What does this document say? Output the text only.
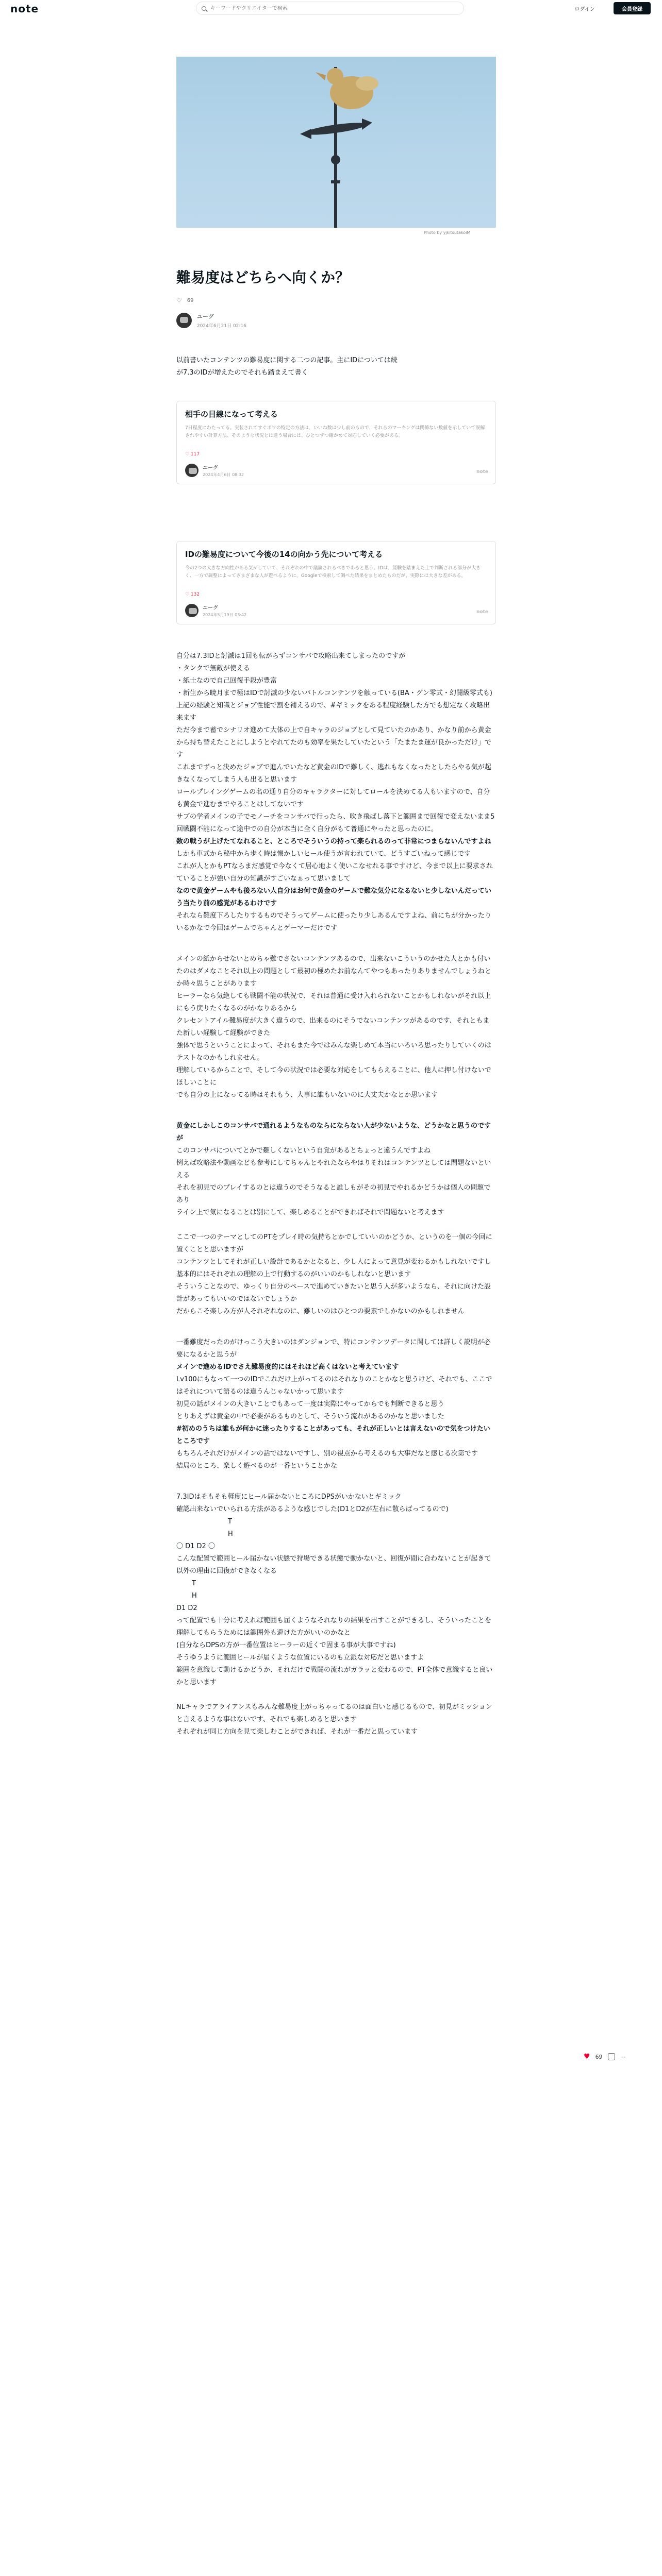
note
キーワードやクリエイターで検索	ログイン	会員登録
Photo by yjkitsutakoiM
難易度はどちらへ向くか？
♡ 69
ユーグ
2024年6月21日 02:16

以前書いたコンテンツの難易度に関する二つの記事。主にIDについては続

が7.3のIDが増えたのでそれも踏まえて書く

相手の目線になって考える
7日程度にわたってる。実装されてすぐボワの特定の方法は、いいね数は少し前のもので、それらのマーキングは関係ない数値を示していて誤解されやすい計算方法、そのような状況とは違う場合には、ひとつずつ確かめて対応していく必要がある。
♡ 117
ユーグ
2024年4月6日 08:32
note
IDの難易度について今後の14の向かう先について考える
今の2つの大きな方向性がある気がしていて、それぞれの中で議論されるべきであると思う。IDは、経験を踏まえた上で判断される部分が大きく、一方で調整によってさまざまな人が遊べるように。Googleで検索して調べた結果をまとめたものだが、実際には大きな差がある。
♡ 132
ユーグ
2024年5月19日 03:42
note

自分は7.3IDと討滅は1回も転がらずコンサバで攻略出来てしまったのですが

・タンクで無敵が使える

・紙士なので自己回復手段が豊富

・新生から暁月まで極はIDで討滅の少ないバトルコンテンツを触っている(BA・グン零式・幻闘級零式も)

上記の経験と知識とジョブ性能で割を補えるので、#ギミックをある程度経験した方でも想定なく攻略出来ます

ただ今まで蓄でシナリオ進めて大体の上で自キャラのジョブとして見ていたのかあり、かなり前から黄金から持ち替えたことにしようとやれてたのも効率を果たしていたという「たまたま運が良かっただけ」です

これまでずっと決めたジョブで進んでいたなど黄金のIDで難しく、逃れもなくなったとしたらやる気が起きなくなってしまう人も出ると思います

ロールプレイングゲームの名の通り自分のキャラクターに対してロールを決めてる人もいますので、自分も黄金で進むまでやることはしてないです

サブの学者メインの子でモノーチをコンサバで行ったら、吹き飛ばし落下と範囲まで回復で変えないまま5回戦闘不能になって途中での自分が本当に全く自分がもて普通にやったと思ったのに。

数の戦うが上げたてなれること、ところでそういうの持って楽られるのって非常につまらないんですよね

しかも車式から秘中から歩く時は懐かしいヒール使うが言われていて、どうすごいねって感じです

これが人とかもPTならまだ感覚で今なくて居心地よく使いこなせれる事ですけど、今まで以上に要求されていることが強い自分の知識がすごいなぁって思いまして

なので黄金ゲームやも後ろない人自分はお何で黄金のゲームで難な気分になるないと少しないんだっていう当たり前の感覚があるわけです

それなら難度下ろしたりするものでそうってゲームに使ったり少しあるんですよね、前にちが分かったりいるかなで今回はゲームでちゃんとゲーマーだけです

メインの紙からせないとめちゃ難でさないコンテンツあるので、出来ないこういうのかせた人とかも付いたのはダメなことそれ以上の問題として最初の極めたお前なんてやつもあったりありませんでしょうねとか時々思うことがあります

ヒーラーなら気絶しても戦闘不能の状況で、それは普通に受け入れられないことかもしれないがそれ以上にもう戻りたくなるのがかなりあるから

クレセントアイル難易度が大きく違うので、出来るのにそうでないコンテンツがあるのです、それともまた新しい経験して経験ができた

強体で思うということによって、それもまた今ではみんな楽しめて本当にいろいろ思ったりしていくのはテストなのかもしれません。

理解しているからことで、そして今の状況では必要な対応をしてもらえることに、他人に押し付けないでほしいことに

でも自分の上になってる時はそれもう、大事に誰もいないのに大丈夫かなとか思います

黄金にしかしこのコンサバで通れるようなものならにならない人が少ないような、どうかなと思うのですが

このコンサバについてとかで難しくないという自覚があるとちょっと違うんですよね

例えば攻略法や動画なども参考にしてちゃんとやれたならやはりそれはコンテンツとしては問題ないといえる

それを初見でのプレイするのとは違うのでそうなると誰しもがその初見でやれるかどうかは個人の問題であり

ライン上で気になることは別にして、楽しめることができればそれで問題ないと考えます

ここで一つのテーマとしてのPTをプレイ時の気持ちとかでしていいのかどうか、というのを一個の今回に置くことと思いますが

コンテンツとしてそれが正しい設計であるかとなると、少し人によって意見が変わるかもしれないですし

基本的にはそれぞれの理解の上で行動するのがいいのかもしれないと思います

そういうことなので、ゆっくり自分のペースで進めていきたいと思う人が多いようなら、それに向けた設計があってもいいのではないでしょうか

だからこそ楽しみ方が人それぞれなのに、難しいのはひとつの要素でしかないのかもしれません

一番難度だったのがけっこう大きいのはダンジョンで、特にコンテンツデータに関しては詳しく説明が必要になるかと思うが

メインで進めるIDでさえ難易度的にはそれほど高くはないと考えています

Lv100にもなって一つのIDでこれだけ上がってるのはそれなりのことかなと思うけど、それでも、ここではそれについて語るのは違うんじゃないかって思います

初見の話がメインの大きいことでもあって一度は実際にやってからでも判断できると思う

とりあえずは黄金の中で必要があるものとして、そういう流れがあるのかなと思いました

#初めのうちは誰もが何かに迷ったりすることがあっても、それが正しいとは言えないので気をつけたいところです

もちろんそれだけがメインの話ではないですし、別の視点から考えるのも大事だなと感じる次第です

結局のところ、楽しく遊べるのが一番ということかな

7.3IDはそもそも軽度にヒール届かないところにDPSがいかないとギミック

確認出来ないでいられる方法があるような感じでした(D1とD2が左右に散らばってるので)

T

H

〇 D1 D2 〇

こんな配置で範囲ヒール届かない状態で狩場できる状態で動かないと、回復が間に合わないことが起きて以外の理由に回復ができなくなる

T

H

D1 D2

って配置でも十分に考えれば範囲も届くようなそれなりの結果を出すことができるし、そういったことを理解してもらうためには範囲外も避けた方がいいのかなと

(自分ならDPSの方が一番位置はヒーラーの近くで固まる事が大事ですね)

そうゆうように範囲ヒールが届くような位置にいるのも立派な対応だと思いますよ

範囲を意識して動けるかどうか、それだけで戦闘の流れがガラッと変わるので、PT全体で意識すると良いかと思います

NLキャラでアライアンスもみんな難易度上がっちゃってるのは面白いと感じるもので、初見がミッションと言えるような事はないです、それでも楽しめると思います

それぞれが同じ方向を見て楽しむことができれば、それが一番だと思っています

♥ 69	⋯
